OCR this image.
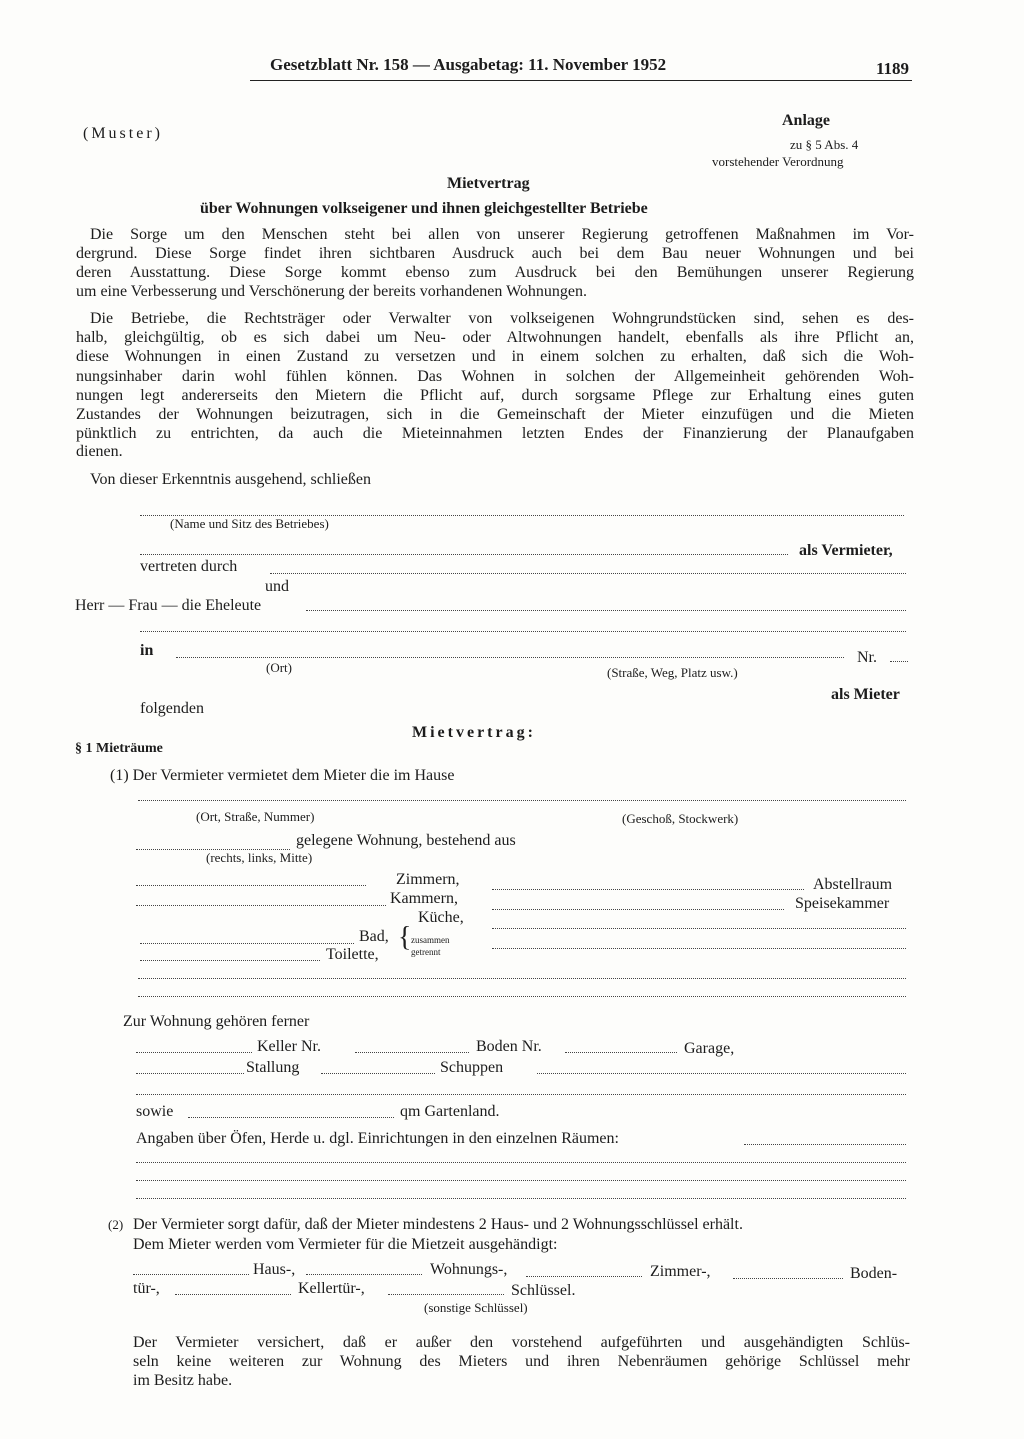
Gesetzblatt Nr. 158 — Ausgabetag: 11. November 1952	1189
(Muster)
Anlage
zu § 5 Abs. 4
vorstehender Verordnung
Mietvertrag
über Wohnungen volkseigener und ihnen gleichgestellter Betriebe
Die Sorge um den Menschen steht bei allen von unserer Regierung getroffenen Maßnahmen im Vor-
dergrund. Diese Sorge findet ihren sichtbaren Ausdruck auch bei dem Bau neuer Wohnungen und bei
deren Ausstattung. Diese Sorge kommt ebenso zum Ausdruck bei den Bemühungen unserer Regierung
um eine Verbesserung und Verschönerung der bereits vorhandenen Wohnungen.
Die Betriebe, die Rechtsträger oder Verwalter von volkseigenen Wohngrundstücken sind, sehen es des-
halb, gleichgültig, ob es sich dabei um Neu- oder Altwohnungen handelt, ebenfalls als ihre Pflicht an,
diese Wohnungen in einen Zustand zu versetzen und in einem solchen zu erhalten, daß sich die Woh-
nungsinhaber darin wohl fühlen können. Das Wohnen in solchen der Allgemeinheit gehörenden Woh-
nungen legt andererseits den Mietern die Pflicht auf, durch sorgsame Pflege zur Erhaltung eines guten
Zustandes der Wohnungen beizutragen, sich in die Gemeinschaft der Mieter einzufügen und die Mieten
pünktlich zu entrichten, da auch die Mieteinnahmen letzten Endes der Finanzierung der Planaufgaben
dienen.
Von dieser Erkenntnis ausgehend, schließen
(Name und Sitz des Betriebes)
als Vermieter,
vertreten durch
und
Herr — Frau — die Eheleute
in	Nr.
(Ort)	(Straße, Weg, Platz usw.)
als Mieter
folgenden
Mietvertrag:
§ 1 Mieträume
(1) Der Vermieter vermietet dem Mieter die im Hause
(Ort, Straße, Nummer)	(Geschoß, Stockwerk)
gelegene Wohnung, bestehend aus
(rechts, links, Mitte)
Zimmern,	Abstellraum
Kammern,	Speisekammer
Küche,
Bad,
Toilette,
{ zusammen
getrennt
Zur Wohnung gehören ferner
Keller Nr.	Boden Nr.	Garage,
Stallung	Schuppen
sowie	qm Gartenland.
Angaben über Öfen, Herde u. dgl. Einrichtungen in den einzelnen Räumen:
(2) Der Vermieter sorgt dafür, daß der Mieter mindestens 2 Haus- und 2 Wohnungsschlüssel erhält.
Dem Mieter werden vom Vermieter für die Mietzeit ausgehändigt:
Haus-,	Wohnungs-,	Zimmer-,	Boden-
tür-,	Kellertür-,	Schlüssel.
(sonstige Schlüssel)
Der Vermieter versichert, daß er außer den vorstehend aufgeführten und ausgehändigten Schlüs-
seln keine weiteren zur Wohnung des Mieters und ihren Nebenräumen gehörige Schlüssel mehr
im Besitz habe.
